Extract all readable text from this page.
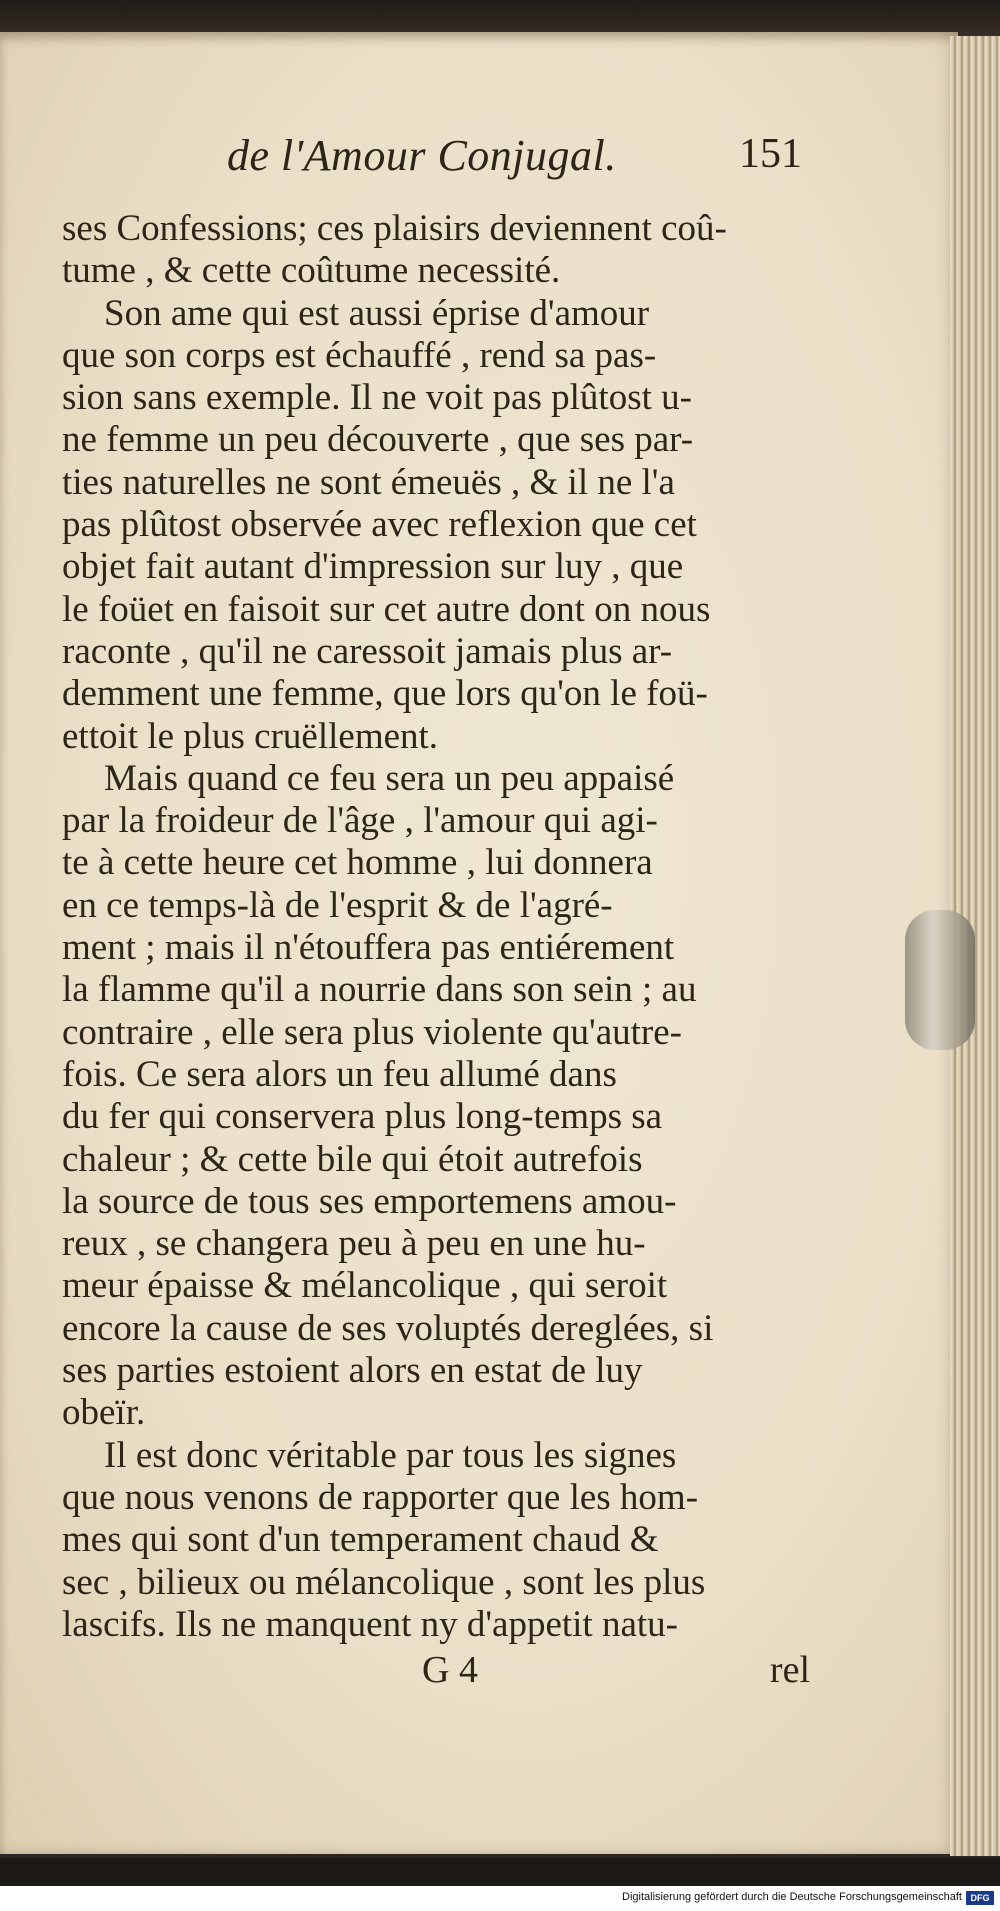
de l'Amour Conjugal.	151
ses Confessions; ces plaisirs deviennent coû-
tume , & cette coûtume necessité.
Son ame qui est aussi éprise d'amour
que son corps est échauffé , rend sa pas-
sion sans exemple. Il ne voit pas plûtost u-
ne femme un peu découverte , que ses par-
ties naturelles ne sont émeuës , & il ne l'a
pas plûtost observée avec reflexion que cet
objet fait autant d'impression sur luy , que
le foüet en faisoit sur cet autre dont on nous
raconte , qu'il ne caressoit jamais plus ar-
demment une femme, que lors qu'on le foü-
ettoit le plus cruëllement.
Mais quand ce feu sera un peu appaisé
par la froideur de l'âge , l'amour qui agi-
te à cette heure cet homme , lui donnera
en ce temps-là de l'esprit & de l'agré-
ment ; mais il n'étouffera pas entiérement
la flamme qu'il a nourrie dans son sein ; au
contraire , elle sera plus violente qu'autre-
fois. Ce sera alors un feu allumé dans
du fer qui conservera plus long-temps sa
chaleur ; & cette bile qui étoit autrefois
la source de tous ses emportemens amou-
reux , se changera peu à peu en une hu-
meur épaisse & mélancolique , qui seroit
encore la cause de ses voluptés dereglées, si
ses parties estoient alors en estat de luy
obeïr.
Il est donc véritable par tous les signes
que nous venons de rapporter que les hom-
mes qui sont d'un temperament chaud &
sec , bilieux ou mélancolique , sont les plus
lascifs. Ils ne manquent ny d'appetit natu-
G 4	rel
Digitalisierung gefördert durch die Deutsche Forschungsgemeinschaft DFG
